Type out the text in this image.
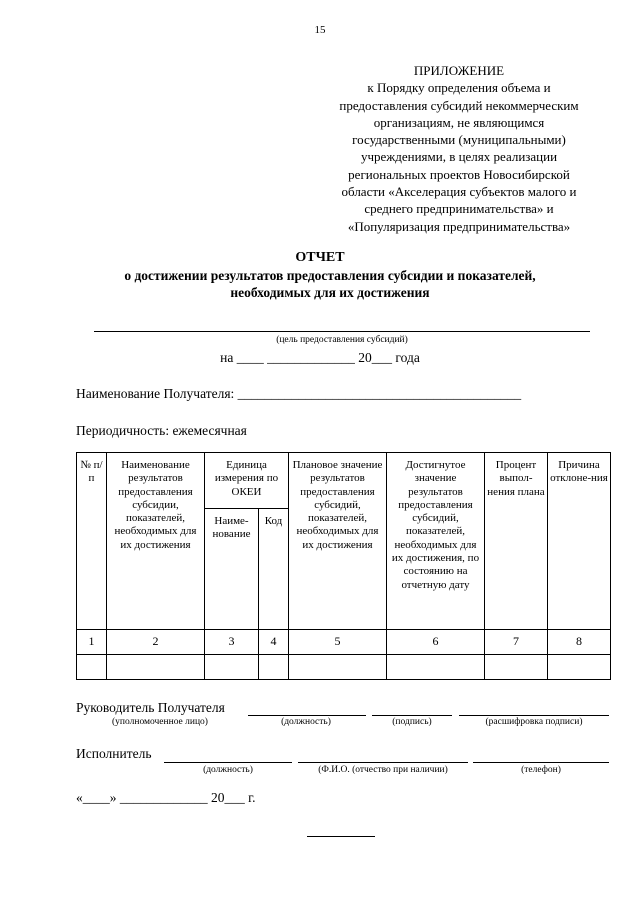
15
ПРИЛОЖЕНИЕ
к Порядку определения объема и
предоставления субсидий некоммерческим
организациям, не являющимся
государственными (муниципальными)
учреждениями, в целях реализации
региональных проектов Новосибирской
области «Акселерация субъектов малого и
среднего предпринимательства» и
«Популяризация предпринимательства»
ОТЧЕТ
о достижении результатов предоставления субсидии и показателей,
необходимых для их достижения
(цель предоставления субсидий)
на ____ _____________ 20___ года
Наименование Получателя: __________________________________________
Периодичность: ежемесячная
№ п/п	Наименование результатов предоставления субсидии, показателей, необходимых для их достижения	Единица измерения по ОКЕИ		Плановое значение результатов предоставления субсидий, показателей, необходимых для их достижения	Достигнутое значение результатов предоставления субсидий, показателей, необходимых для их достижения, по состоянию на отчетную дату	Процент выпол-нения плана	Причина отклоне-ния
		Наиме-нование	Код				
1	2	3	4	5	6	7	8

Руководитель Получателя
(уполномоченное лицо)	(должность)	(подпись)	(расшифровка подписи)
Исполнитель
(должность)	(Ф.И.О. (отчество при наличии)	(телефон)
«____» _____________ 20___ г.
